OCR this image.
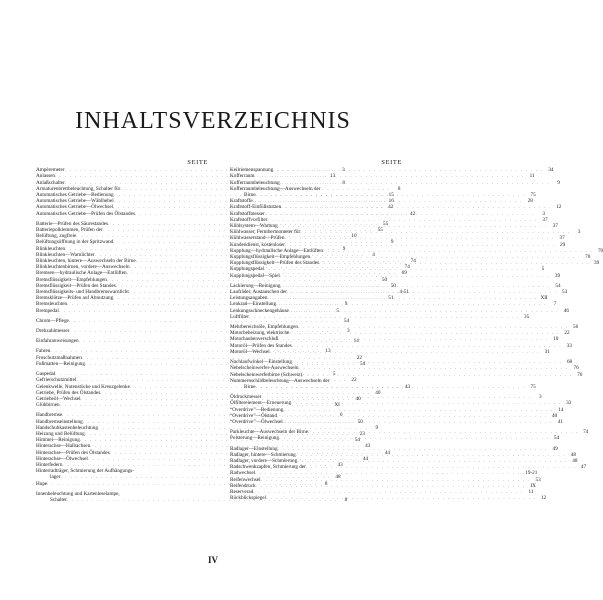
INHALTSVERZEICHNIS
SEITE
Ampèremeter . . .	3
Anlassen . . .	13
Anlaßschalter . . .	8
Armaturenbrettbeleuchtung, Schalter für . . .	8
Automatisches Getriebe—Bedienung . . .	15
Automatisches Getriebe—Wählhebel . . .	16
Automatisches Getriebe—Ölwechsel . . .	42
Automatisches Getriebe—Prüfen des Ölstandes . . .	42
Batterie—Prüfen des Säurestandes . . .	55
Batteriepolklemmen, Prüfen der . . .	55
Belüftung, zugfreie . . .	10
Belüftungsöffnung in der Spritzwand . . .	9
Blinkleuchten . . .	9
Blinkleuchten—Warnlichter . . .	4
Blinkleuchten, hintere—Auswechseln der Birne . . .	74
Blinkleuchtenbirnen, vordere—Auswechseln . . .	74
Bremsen—hydraulische Anlage—Entlüften . . .	69
Bremsflüssigkeit—Empfehlungen . . .	50
Bremsflüssigkeit—Prüfen des Standes . . .	50
Bremsflüssigkeits- und Handbremswarnlicht . . .	4-51
Bremsklötze—Prüfen auf Abnutzung . . .	51
Bremsleuchten . . .	9
Brempedal . . .	5
Chrom—Pflege . . .	54
Drehzahlmesser . . .	3
Einfahranweisungen . . .	14
Fahren . . .	13
Froschutzmaßnahmen . . .	22
Fußmatten—Reinigung . . .	54
Gaspedal . . .	5
Gefrierschutzmittel . . .	22
Gelenkwelle, Nutenstücke und Kreuzgelenke . . .	43
Getriebe, Prüfen des Ölstandes . . .	40
Getriebeöl—Wechsel . . .	40
Glühbirnen . . .	XI
Handbremse . . .	6
Handbremseinstellung . . .	50
Handschuhkastenbeleuchtung . . .	9
Heizung und Belüftung . . .	23
Himmel—Reinigung . . .	54
Hinterachse—Halbachsen . . .	43
Hinterachse—Prüfen des Ölstandes . . .	44
Hinterachse—Ölwechsel . . .	44
Hinterfedern . . .	43
Hinterradträger, Schmierung der Aufhängungs-
lager . . .	48
Hupe . . .	8
Innenbeleuchtung und Kartenleselampe,
Schalter . . .	8
SEITE
Keilriemenspannung . . .	34
Kofferraum . . .	11
Kofferraumbeleuchtung . . .	9
Kofferraumbeleuchtung—Auswechseln der
Birne . . .	75
Kraftstoffe . . .	28
Kraftstoff-Einfüllstutzen . . .	12
Kraftstoffmesser . . .	3
Kraftstoffvorfilter . . .	37
Kühlsystem—Wartung . . .	37
Kühlwasser, Fernthermometer für . . .	3
Kühlwasserstand—Prüfen . . .	37
Kundendienst, kostenloser . . .	29
Kupplung—hydraulische Anlage—Entlüften . . .	70
Kupplungsflüssigkeit—Empfehlungen . . .	70
Kupplungsflüssigkeit—Prüfen des Standes . . .	39
Kupplungspedal . . .	5
Kupplungspedal—Spiel . . .	39
Lackierung—Reinigung . . .	54
Laufräder, Austauschen der . . .	53
Leistungsangaben . . .	XII
Lenkrad—Einstellung . . .	7
Lenkungsschneckengehäuse . . .	46
Luftfilter . . .	35
Mehrbereichsöle, Empfehlungen . . .	56
Motorbeheizung, elektrische . . .	22
Motorhaubenverschluß . . .	10
Motoröl—Prüfen des Standes . . .	33
Motoröl—Wechsel . . .	31
Nachlaufwinkel—Einstellung . . .	68
Nebelscheinwerfer-Auswechseln . . .	76
Nebelscheinwerferbirne (Schweiz) . . .	76
Nummernschildbeleuchtung—Auswechseln der
Birne . . .	75
Öldruckmesser . . .	3
Ölfiltereiement—Erneuerung . . .	33
“Overdrive”—Bedienung . . .	14
“Overdrive”—Ölstand . . .	40
“Overdrive”—Ölwechsel . . .	41
Parkleuchte—Auswechseln der Birne . . .	74
Polsterung—Reinigung . . .	54
Radlager—Einstellung . . .	49
Radlager, hintere—Schmierung . . .	48
Radlager, vordere—Schmierung . . .	48
Radschwenkzapfen, Schmierung der . . .	47
Radwechsel . . .	19-21
Reifenwechsel . . .	53
Reifendruck . . .	IX
Reserverad . . .	11
Rückblickspiegel . . .	12
IV
